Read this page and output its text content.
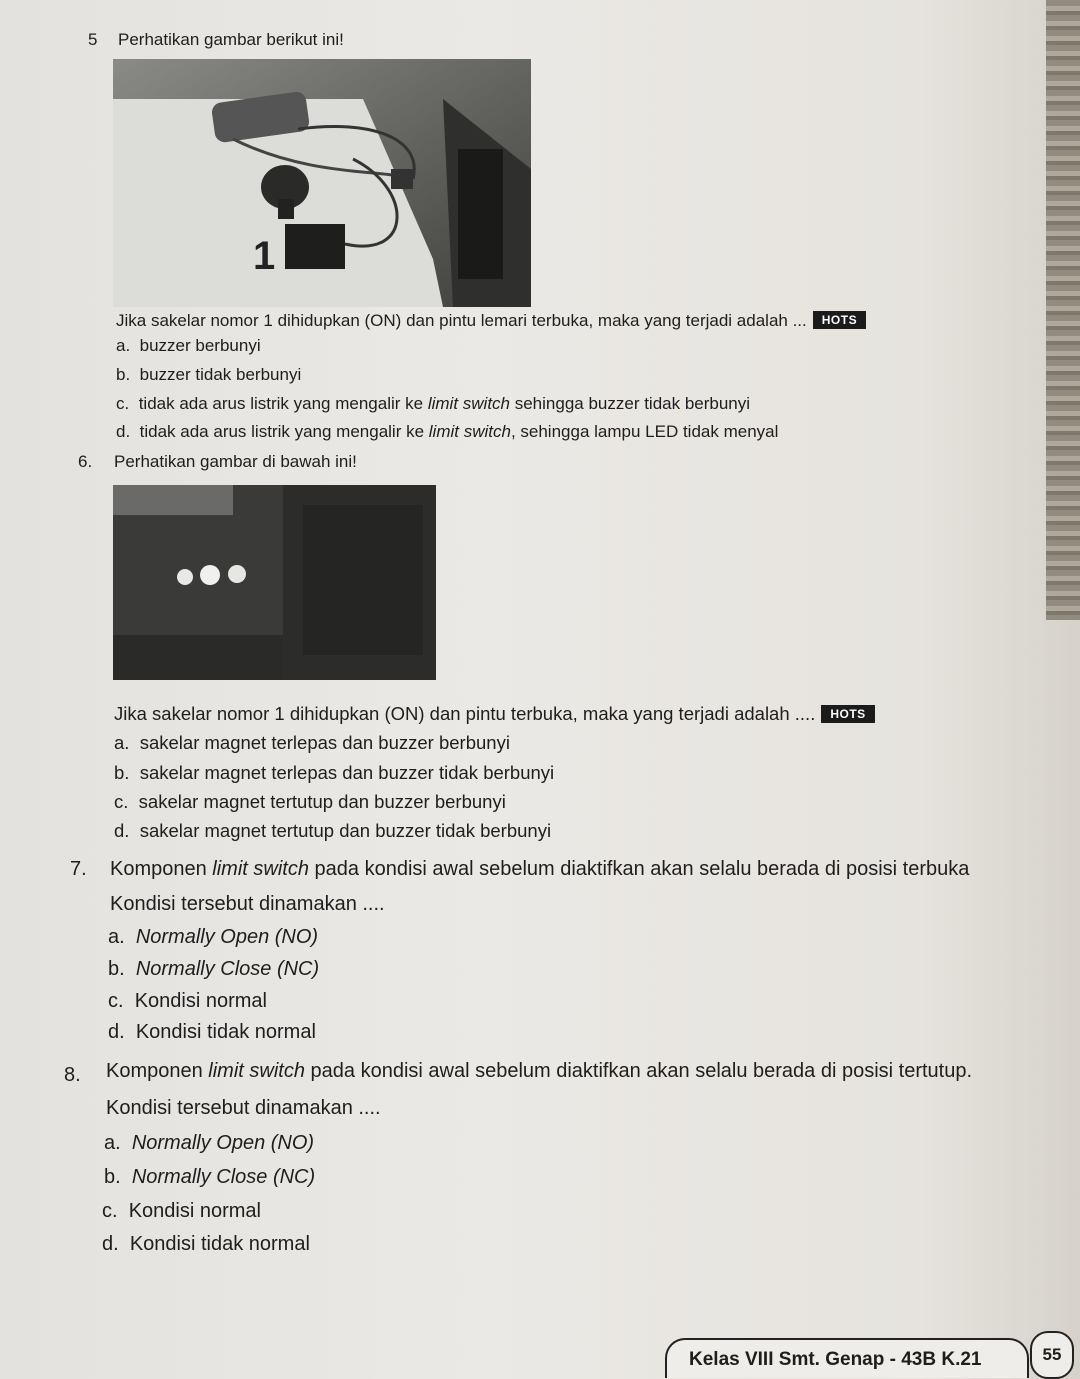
5 Perhatikan gambar berikut ini!
1
Jika sakelar nomor 1 dihidupkan (ON) dan pintu lemari terbuka, maka yang terjadi adalah ... HOTS
a. buzzer berbunyi
b. buzzer tidak berbunyi
c. tidak ada arus listrik yang mengalir ke limit switch sehingga buzzer tidak berbunyi
d. tidak ada arus listrik yang mengalir ke limit switch, sehingga lampu LED tidak menyal
6. Perhatikan gambar di bawah ini!
Jika sakelar nomor 1 dihidupkan (ON) dan pintu terbuka, maka yang terjadi adalah .... HOTS
a. sakelar magnet terlepas dan buzzer berbunyi
b. sakelar magnet terlepas dan buzzer tidak berbunyi
c. sakelar magnet tertutup dan buzzer berbunyi
d. sakelar magnet tertutup dan buzzer tidak berbunyi
7. Komponen limit switch pada kondisi awal sebelum diaktifkan akan selalu berada di posisi terbuka
Kondisi tersebut dinamakan ....
a. Normally Open (NO)
b. Normally Close (NC)
c. Kondisi normal
d. Kondisi tidak normal
8. Komponen limit switch pada kondisi awal sebelum diaktifkan akan selalu berada di posisi tertutup.
Kondisi tersebut dinamakan ....
a. Normally Open (NO)
b. Normally Close (NC)
c. Kondisi normal
d. Kondisi tidak normal
Kelas VIII Smt. Genap - 43B K.21	55
